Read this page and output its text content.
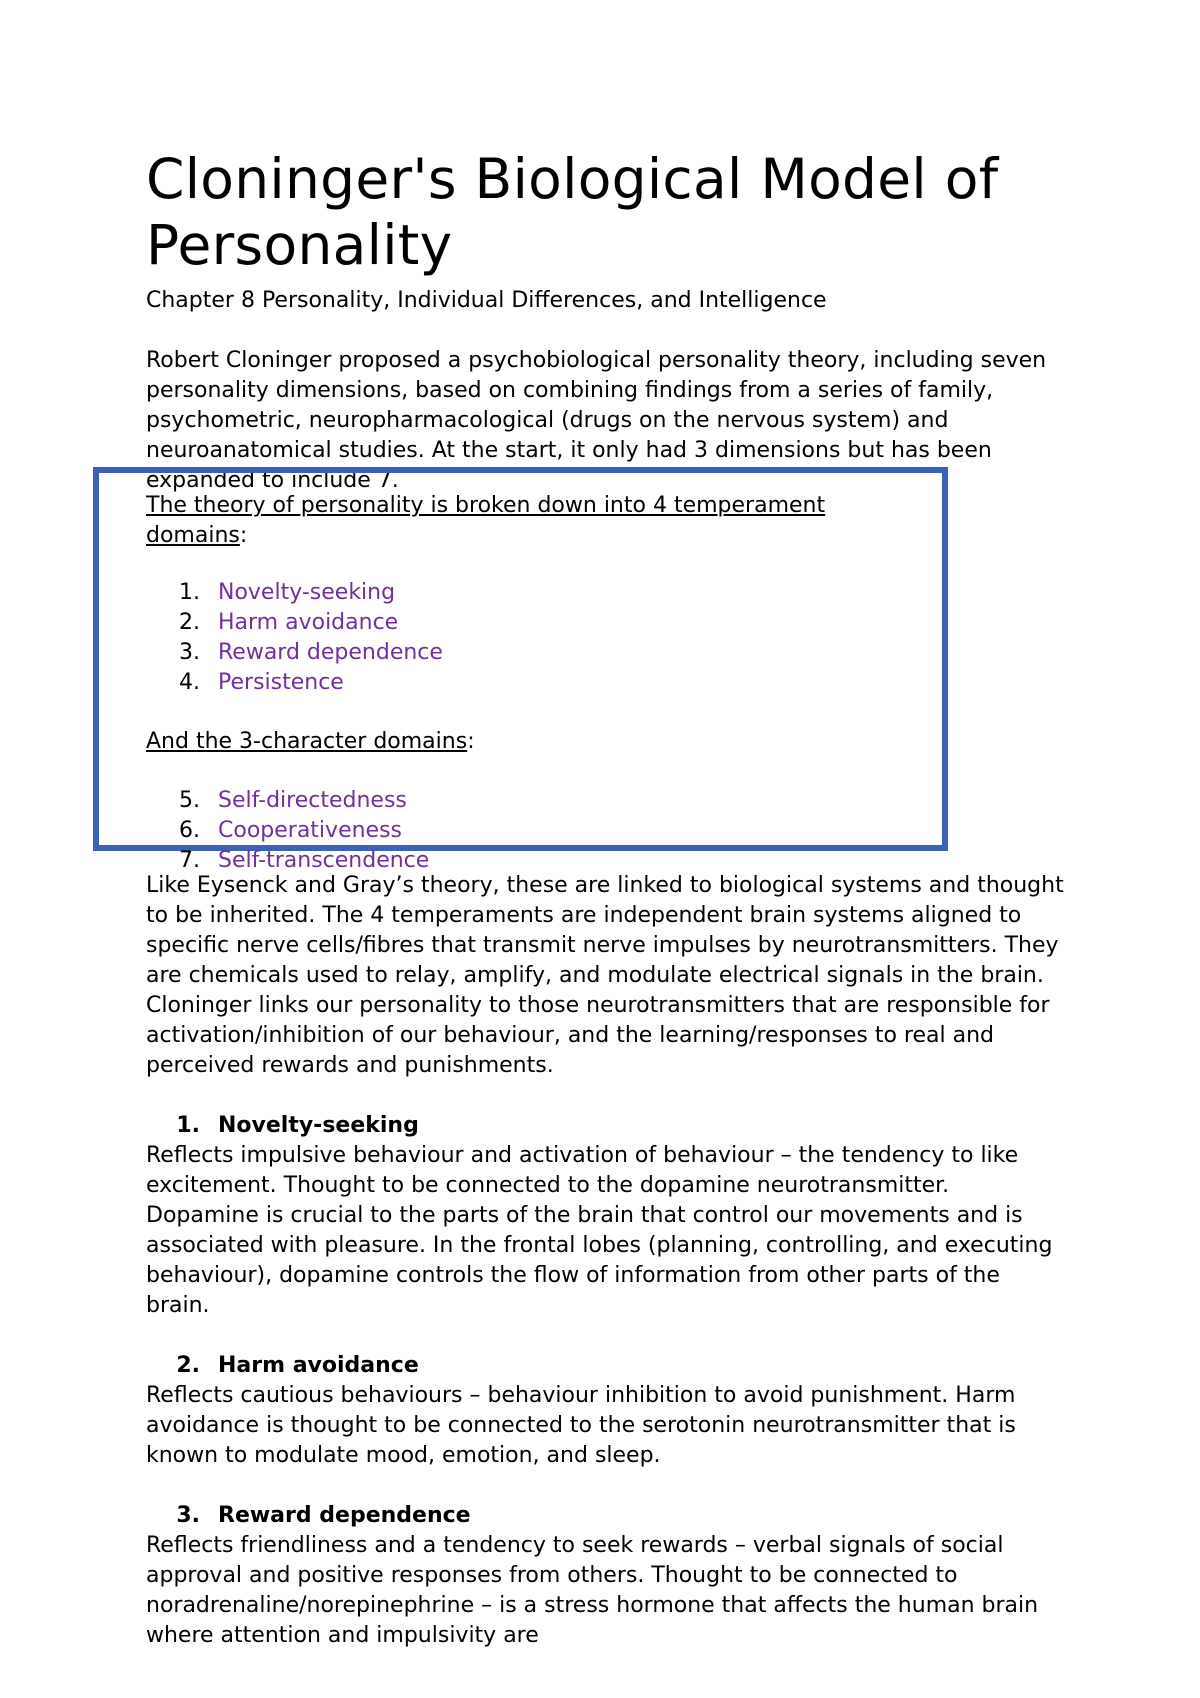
Cloninger's Biological Model of Personality
Chapter 8 Personality, Individual Differences, and Intelligence

Robert Cloninger proposed a psychobiological personality theory, including seven personality dimensions, based on combining findings from a series of family, psychometric, neuropharmacological (drugs on the nervous system) and neuroanatomical studies. At the start, it only had 3 dimensions but has been expanded to include 7.

The theory of personality is broken down into 4 temperament domains:

1. Novelty-seeking
2. Harm avoidance
3. Reward dependence
4. Persistence

And the 3-character domains:

5. Self-directedness
6. Cooperativeness
7. Self-transcendence

Like Eysenck and Gray’s theory, these are linked to biological systems and thought to be inherited. The 4 temperaments are independent brain systems aligned to specific nerve cells/fibres that transmit nerve impulses by neurotransmitters. They are chemicals used to relay, amplify, and modulate electrical signals in the brain. Cloninger links our personality to those neurotransmitters that are responsible for activation/inhibition of our behaviour, and the learning/responses to real and perceived rewards and punishments.

1. Novelty-seeking

Reflects impulsive behaviour and activation of behaviour – the tendency to like excitement. Thought to be connected to the dopamine neurotransmitter. Dopamine is crucial to the parts of the brain that control our movements and is associated with pleasure. In the frontal lobes (planning, controlling, and executing behaviour), dopamine controls the flow of information from other parts of the brain.

2. Harm avoidance

Reflects cautious behaviours – behaviour inhibition to avoid punishment. Harm avoidance is thought to be connected to the serotonin neurotransmitter that is known to modulate mood, emotion, and sleep.

3. Reward dependence

Reflects friendliness and a tendency to seek rewards – verbal signals of social approval and positive responses from others. Thought to be connected to noradrenaline/norepinephrine – is a stress hormone that affects the human brain where attention and impulsivity are
